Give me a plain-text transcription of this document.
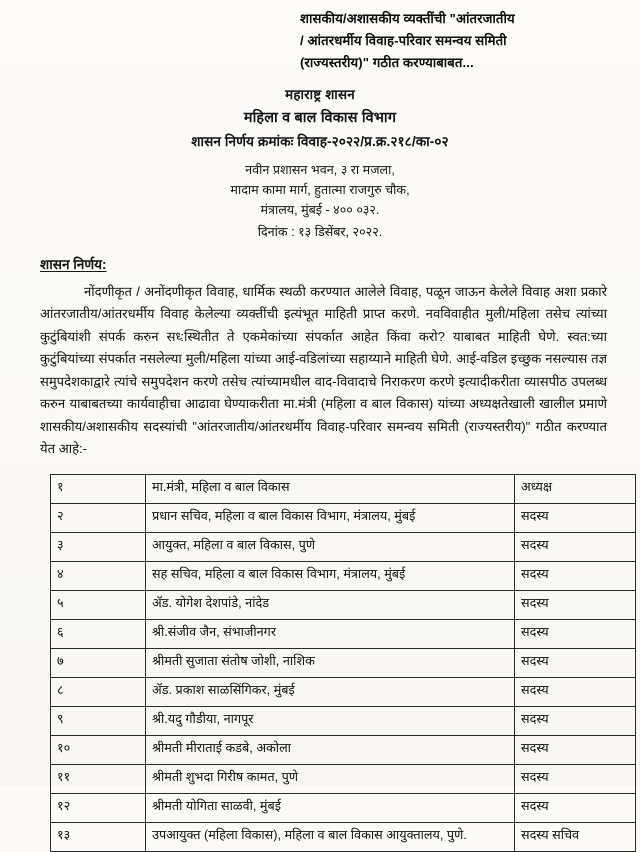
शासकीय/अशासकीय व्यक्तींची "आंतरजातीय
/ आंतरधर्मीय विवाह-परिवार समन्वय समिती
(राज्यस्तरीय)" गठीत करण्याबाबत...
महाराष्ट्र शासन
महिला व बाल विकास विभाग
शासन निर्णय क्रमांकः विवाह-२०२२/प्र.क्र.२१८/का-०२
नवीन प्रशासन भवन, ३ रा मजला,
मादाम कामा मार्ग, हुतात्मा राजगुरु चौक,
मंत्रालय, मुंबई - ४०० ०३२.
दिनांक : १३ डिसेंबर, २०२२.
शासन निर्णय:
नोंदणीकृत / अनोंदणीकृत विवाह, धार्मिक स्थळी करण्यात आलेले विवाह, पळून जाऊन केलेले विवाह अशा प्रकारे आंतरजातीय/आंतरधर्मीय विवाह केलेल्या व्यक्तींची इत्यंभूत माहिती प्राप्त करणे. नवविवाहीत मुली/महिला तसेच त्यांच्या कुटुंबियांशी संपर्क करुन सध्‍:स्थितीत ते एकमेकांच्या संपर्कात आहेत किंवा करो? याबाबत माहिती घेणे. स्वत:च्या कुटुंबियांच्या संपर्कात नसलेल्या मुली/महिला यांच्या आई-वडिलांच्या सहाय्याने माहिती घेणे. आई-वडिल इच्छुक नसल्यास तज्ञ समुपदेशकाद्वारे त्यांचे समुपदेशन करणे तसेच त्यांच्यामधील वाद-विवादाचे निराकरण करणे इत्यादीकरीता व्यासपीठ उपलब्ध करुन याबाबतच्या कार्यवाहीचा आढावा घेण्याकरीता मा.मंत्री (महिला व बाल विकास) यांच्या अध्यक्षतेखाली खालील प्रमाणे शासकीय/अशासकीय सदस्यांची "आंतरजातीय/आंतरधर्मीय विवाह-परिवार समन्वय समिती (राज्यस्तरीय)" गठीत करण्यात येत आहे:-
१	मा.मंत्री, महिला व बाल विकास	अध्यक्ष
२	प्रधान सचिव, महिला व बाल विकास विभाग, मंत्रालय, मुंबई	सदस्य
३	आयुक्त, महिला व बाल विकास, पुणे	सदस्य
४	सह सचिव, महिला व बाल विकास विभाग, मंत्रालय, मुंबई	सदस्य
५	ॲड. योगेश देशपांडे, नांदेड	सदस्य
६	श्री.संजीव जैन, संभाजीनगर	सदस्य
७	श्रीमती सुजाता संतोष जोशी, नाशिक	सदस्य
८	ॲड. प्रकाश साळसिंगिकर, मुंबई	सदस्य
९	श्री.यदु गौडीया, नागपूर	सदस्य
१०	श्रीमती मीराताई कडबे, अकोला	सदस्य
११	श्रीमती शुभदा गिरीष कामत, पुणे	सदस्य
१२	श्रीमती योगिता साळवी, मुंबई	सदस्य
१३	उपआयुक्त (महिला विकास), महिला व बाल विकास आयुक्तालय, पुणे.	सदस्य सचिव
